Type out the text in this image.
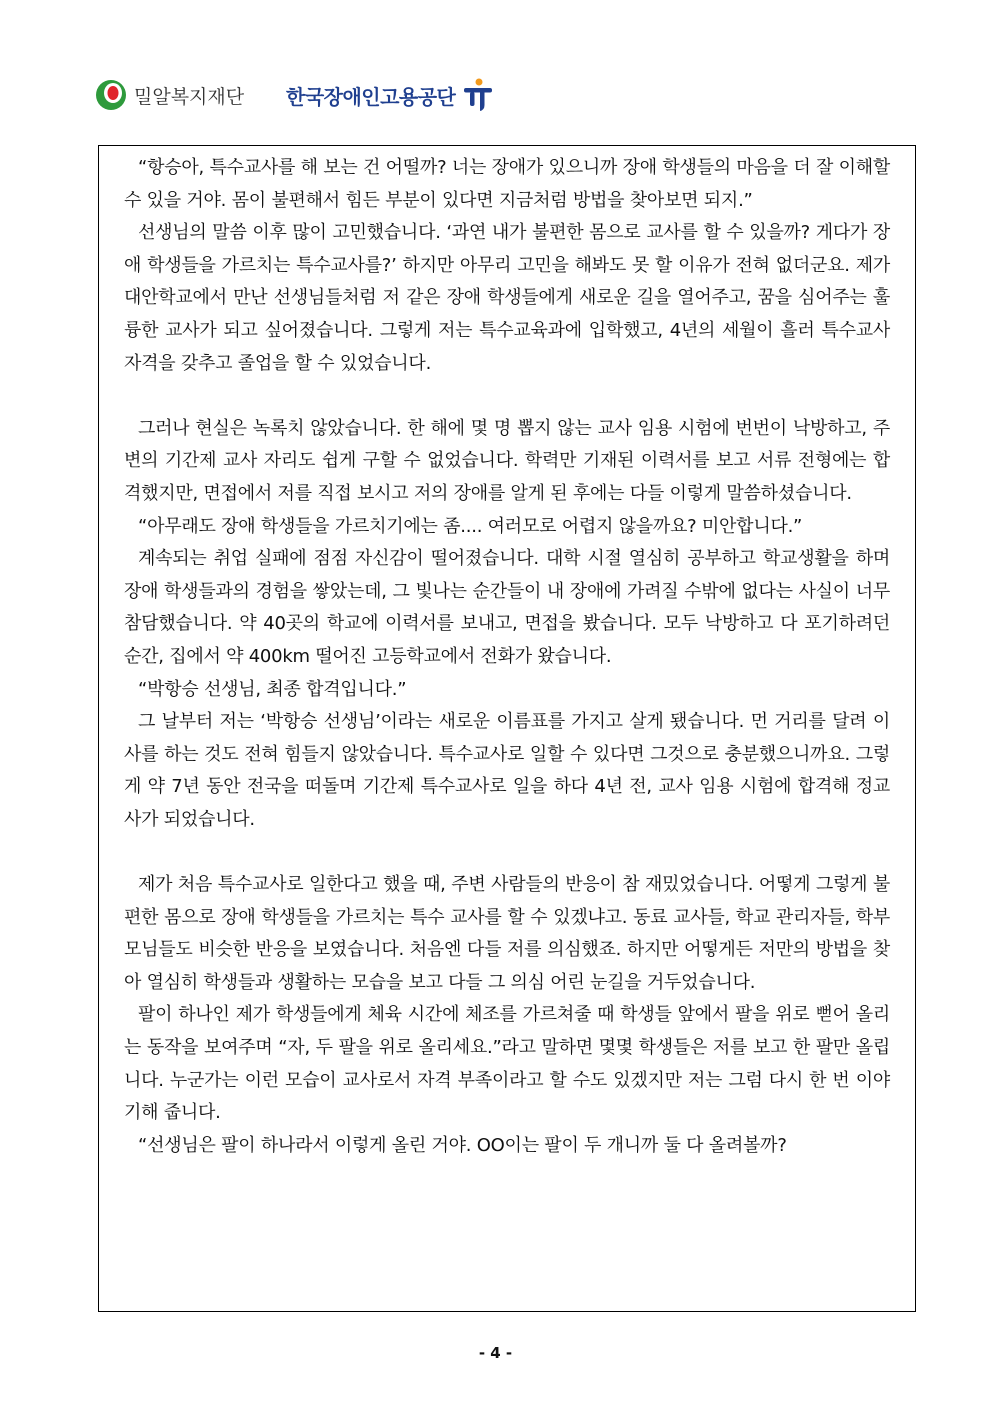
밀알복지재단 한국장애인고용공단

“항승아, 특수교사를 해 보는 건 어떨까? 너는 장애가 있으니까 장애 학생들의 마음을 더 잘 이해할 수 있을 거야. 몸이 불편해서 힘든 부분이 있다면 지금처럼 방법을 찾아보면 되지.”

선생님의 말씀 이후 많이 고민했습니다. ‘과연 내가 불편한 몸으로 교사를 할 수 있을까? 게다가 장애 학생들을 가르치는 특수교사를?’ 하지만 아무리 고민을 해봐도 못 할 이유가 전혀 없더군요. 제가 대안학교에서 만난 선생님들처럼 저 같은 장애 학생들에게 새로운 길을 열어주고, 꿈을 심어주는 훌륭한 교사가 되고 싶어졌습니다. 그렇게 저는 특수교육과에 입학했고, 4년의 세월이 흘러 특수교사 자격을 갖추고 졸업을 할 수 있었습니다.

그러나 현실은 녹록치 않았습니다. 한 해에 몇 명 뽑지 않는 교사 임용 시험에 번번이 낙방하고, 주변의 기간제 교사 자리도 쉽게 구할 수 없었습니다. 학력만 기재된 이력서를 보고 서류 전형에는 합격했지만, 면접에서 저를 직접 보시고 저의 장애를 알게 된 후에는 다들 이렇게 말씀하셨습니다.

“아무래도 장애 학생들을 가르치기에는 좀.... 여러모로 어렵지 않을까요? 미안합니다.”

계속되는 취업 실패에 점점 자신감이 떨어졌습니다. 대학 시절 열심히 공부하고 학교생활을 하며 장애 학생들과의 경험을 쌓았는데, 그 빛나는 순간들이 내 장애에 가려질 수밖에 없다는 사실이 너무 참담했습니다. 약 40곳의 학교에 이력서를 보내고, 면접을 봤습니다. 모두 낙방하고 다 포기하려던 순간, 집에서 약 400km 떨어진 고등학교에서 전화가 왔습니다.

“박항승 선생님, 최종 합격입니다.”

그 날부터 저는 ‘박항승 선생님’이라는 새로운 이름표를 가지고 살게 됐습니다. 먼 거리를 달려 이사를 하는 것도 전혀 힘들지 않았습니다. 특수교사로 일할 수 있다면 그것으로 충분했으니까요. 그렇게 약 7년 동안 전국을 떠돌며 기간제 특수교사로 일을 하다 4년 전, 교사 임용 시험에 합격해 정교사가 되었습니다.

제가 처음 특수교사로 일한다고 했을 때, 주변 사람들의 반응이 참 재밌었습니다. 어떻게 그렇게 불편한 몸으로 장애 학생들을 가르치는 특수 교사를 할 수 있겠냐고. 동료 교사들, 학교 관리자들, 학부모님들도 비슷한 반응을 보였습니다. 처음엔 다들 저를 의심했죠. 하지만 어떻게든 저만의 방법을 찾아 열심히 학생들과 생활하는 모습을 보고 다들 그 의심 어린 눈길을 거두었습니다.

팔이 하나인 제가 학생들에게 체육 시간에 체조를 가르쳐줄 때 학생들 앞에서 팔을 위로 뻗어 올리는 동작을 보여주며 “자, 두 팔을 위로 올리세요.”라고 말하면 몇몇 학생들은 저를 보고 한 팔만 올립니다. 누군가는 이런 모습이 교사로서 자격 부족이라고 할 수도 있겠지만 저는 그럼 다시 한 번 이야기해 줍니다.

“선생님은 팔이 하나라서 이렇게 올린 거야. OO이는 팔이 두 개니까 둘 다 올려볼까?

- 4 -
